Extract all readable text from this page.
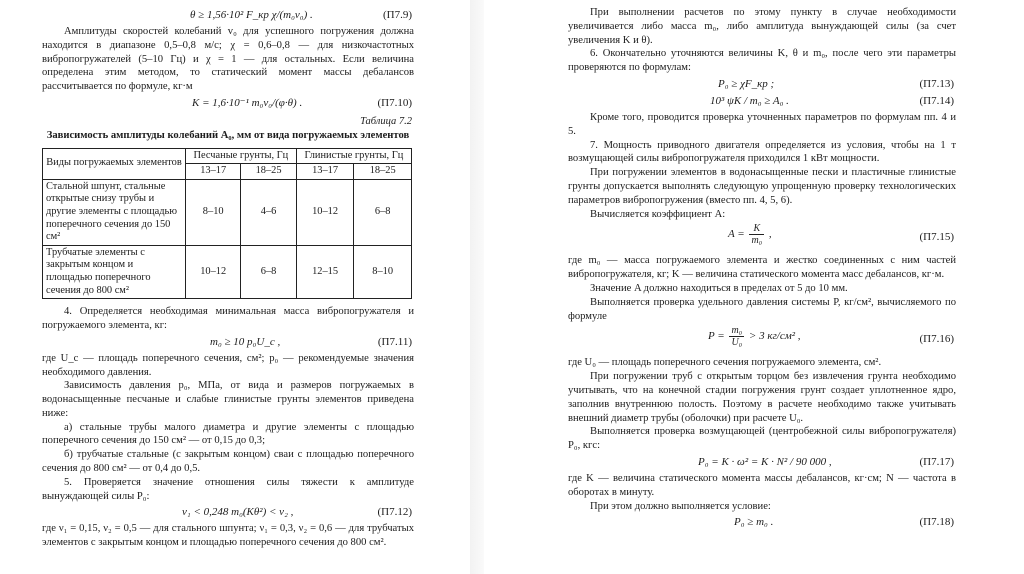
θ ≥ 1,56·10² F_кр χ/(m₀v₀) .	(П7.9)

Амплитуды скоростей колебаний v₀ для успешного погружения должна находится в диапазоне 0,5–0,8 м/с; χ = 0,6–0,8 — для низкочастотных вибропогружателей (5–10 Гц) и χ = 1 — для остальных. Если величина определена этим методом, то статический момент массы дебалансов рассчитывается по формуле, кг·м

K = 1,6·10⁻¹ m₀v₀/(φ·θ) .	(П7.10)
Таблица 7.2
Зависимость амплитуды колебаний A₀, мм от вида погружаемых элементов
Виды погружаемых элементов	Песчаные грунты, Гц		Глинистые грунты, Гц	
	13–17	18–25	13–17	18–25
Стальной шпунт, стальные открытые снизу трубы и другие элементы с площадью поперечного сечения до 150 см²	8–10	4–6	10–12	6–8
Трубчатые элементы с закрытым концом и площадью поперечного сечения до 800 см²	10–12	6–8	12–15	8–10

4. Определяется необходимая минимальная масса вибропогружателя и погружаемого элемента, кг:

m₀ ≥ 10 p₀U_c ,	(П7.11)

где U_c — площадь поперечного сечения, см²; p₀ — рекомендуемые значения необходимого давления.

Зависимость давления p₀, МПа, от вида и размеров погружаемых в водонасыщенные песчаные и слабые глинистые грунты элементов приведена ниже:

а) стальные трубы малого диаметра и другие элементы с площадью поперечного сечения до 150 см² — от 0,15 до 0,3;

б) трубчатые стальные (с закрытым концом) сваи с площадью поперечного сечения до 800 см² — от 0,4 до 0,5.

5. Проверяется значение отношения силы тяжести к амплитуде вынуждающей силы P₀:

ν₁ < 0,248 m₀(Kθ²) < ν₂ ,	(П7.12)

где ν₁ = 0,15, ν₂ = 0,5 — для стального шпунта; ν₁ = 0,3, ν₂ = 0,6 — для трубчатых элементов с закрытым концом и площадью поперечного сечения до 800 см².

При выполнении расчетов по этому пункту в случае необходимости увеличивается либо масса m₀, либо амплитуда вынуждающей силы (за счет увеличения K и θ).

6. Окончательно уточняются величины K, θ и m₀, после чего эти параметры проверяются по формулам:

P₀ ≥ χF_кр ;	(П7.13)
10³ ψK / m₀ ≥ A₀ .	(П7.14)

Кроме того, проводится проверка уточненных параметров по формулам пп. 4 и 5.

7. Мощность приводного двигателя определяется из условия, чтобы на 1 т возмущающей силы вибропогружателя приходился 1 кВт мощности.

При погружении элементов в водонасыщенные пески и пластичные глинистые грунты допускается выполнять следующую упрощенную проверку технологических параметров вибропогружения (вместо пп. 4, 5, 6).

Вычисляется коэффициент A:

$A = \frac{K}{\text{m₀}}$ ,	(П7.15)

где m₀ — масса погружаемого элемента и жестко соединенных с ним частей вибропогружателя, кг; K — величина статического момента масс дебалансов, кг·м.

Значение A должно находиться в пределах от 5 до 10 мм.

Выполняется проверка удельного давления системы P, кг/см², вычисляемого по формуле

$P = \frac{\text{m₀}}{\text{U₀}} > 3$ кг/см² ,	(П7.16)

где U₀ — площадь поперечного сечения погружаемого элемента, см².

При погружении труб с открытым торцом без извлечения грунта необходимо учитывать, что на конечной стадии погружения грунт создает уплотненное ядро, заполнив внутреннюю полость. Поэтому в расчете необходимо также учитывать внешний диаметр трубы (оболочки) при расчете U₀.

Выполняется проверка возмущающей (центробежной силы вибропогружателя) P₀, кгс:

P₀ = K · ω² = K · N² / 90 000 ,	(П7.17)

где K — величина статического момента массы дебалансов, кг·см; N — частота в оборотах в минуту.

При этом должно выполняется условие:

P₀ ≥ m₀ .	(П7.18)
